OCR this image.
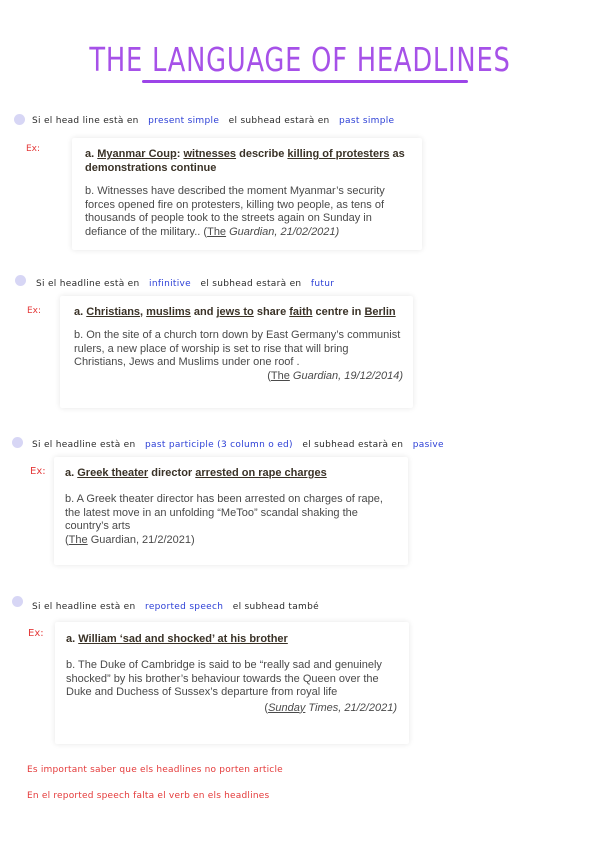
THE LANGUAGE OF HEADLINES
Si el head line està en present simple el subhead estarà en past simple
Ex:	a. Myanmar Coup: witnesses describe killing of protesters as demonstrations continue
b. Witnesses have described the moment Myanmar’s security forces opened fire on protesters, killing two people, as tens of thousands of people took to the streets again on Sunday in defiance of the military.. (The Guardian, 21/02/2021)
Si el headline està en infinitive el subhead estarà en futur
Ex:	a. Christians, muslims and jews to share faith centre in Berlin
b. On the site of a church torn down by East Germany’s communist rulers, a new place of worship is set to rise that will bring Christians, Jews and Muslims under one roof .
(The Guardian, 19/12/2014)
Si el headline està en past participle (3 column o ed) el subhead estarà en pasive
Ex: a. Greek theater director arrested on rape charges
b. A Greek theater director has been arrested on charges of rape, the latest move in an unfolding “MeToo” scandal shaking the country’s arts
(The Guardian, 21/2/2021)
Si el headline està en reported speech el subhead també
Ex: a. William ‘sad and shocked’ at his brother
b. The Duke of Cambridge is said to be “really sad and genuinely shocked” by his brother’s behaviour towards the Queen over the Duke and Duchess of Sussex’s departure from royal life
(Sunday Times, 21/2/2021)
Es important saber que els headlines no porten article
En el reported speech falta el verb en els headlines
